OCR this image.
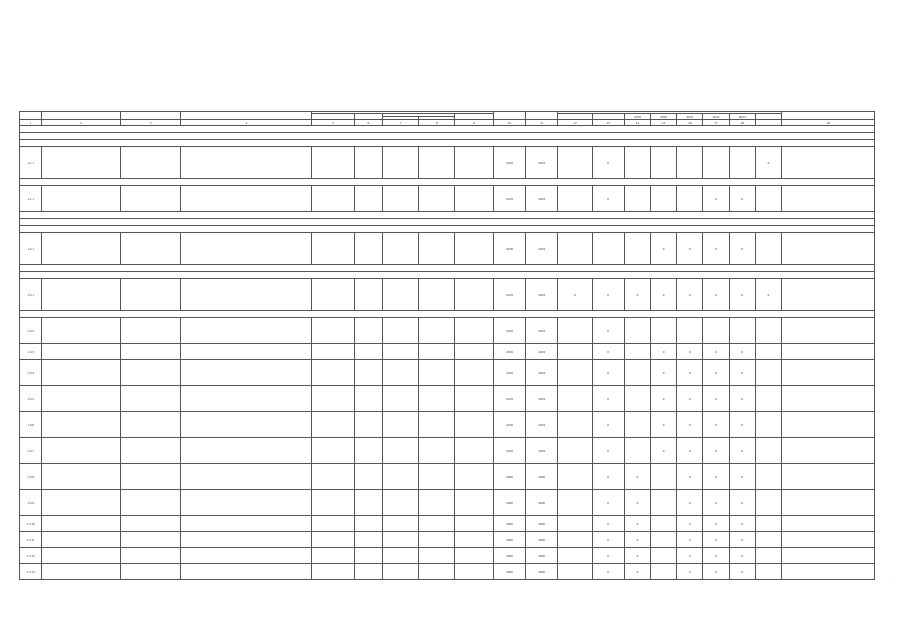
													2019	2020	2021	2022	2023		

1	2	3	4	5	6	7	8	9	10	11	12	13	14	15	16	17	18		19

1.1.1									2019	2023		0						0	

1.1.1									2019	2023		0				0	0		

1.2.1									2018	2019				0	0	0	0		

1.3.1									2019	2023	0	0	0	0	0	0	0	0	

1.3.2									2019	2023		0							
1.3.3									2019	2019		0		0	0	0	0		
1.3.4									2019	2019		0		0	0	0	0		
1.3.5									2019	2019		0		0	0	0	0		
1.3.6									2019	2019		0		0	0	0	0		
1.3.7									2019	2019		0		0	0	0	0		
1.3.8									2020	2020		0	0		0	0	0		
1.3.9									2020	2020		0	0		0	0	0		
1.3.10									2020	2020		0	0		0	0	0		
1.3.11									2020	2020		0	0		0	0	0		
1.3.12									2020	2020		0	0		0	0	0		
1.3.13									2020	2020		0	0		0	0	0		
,
